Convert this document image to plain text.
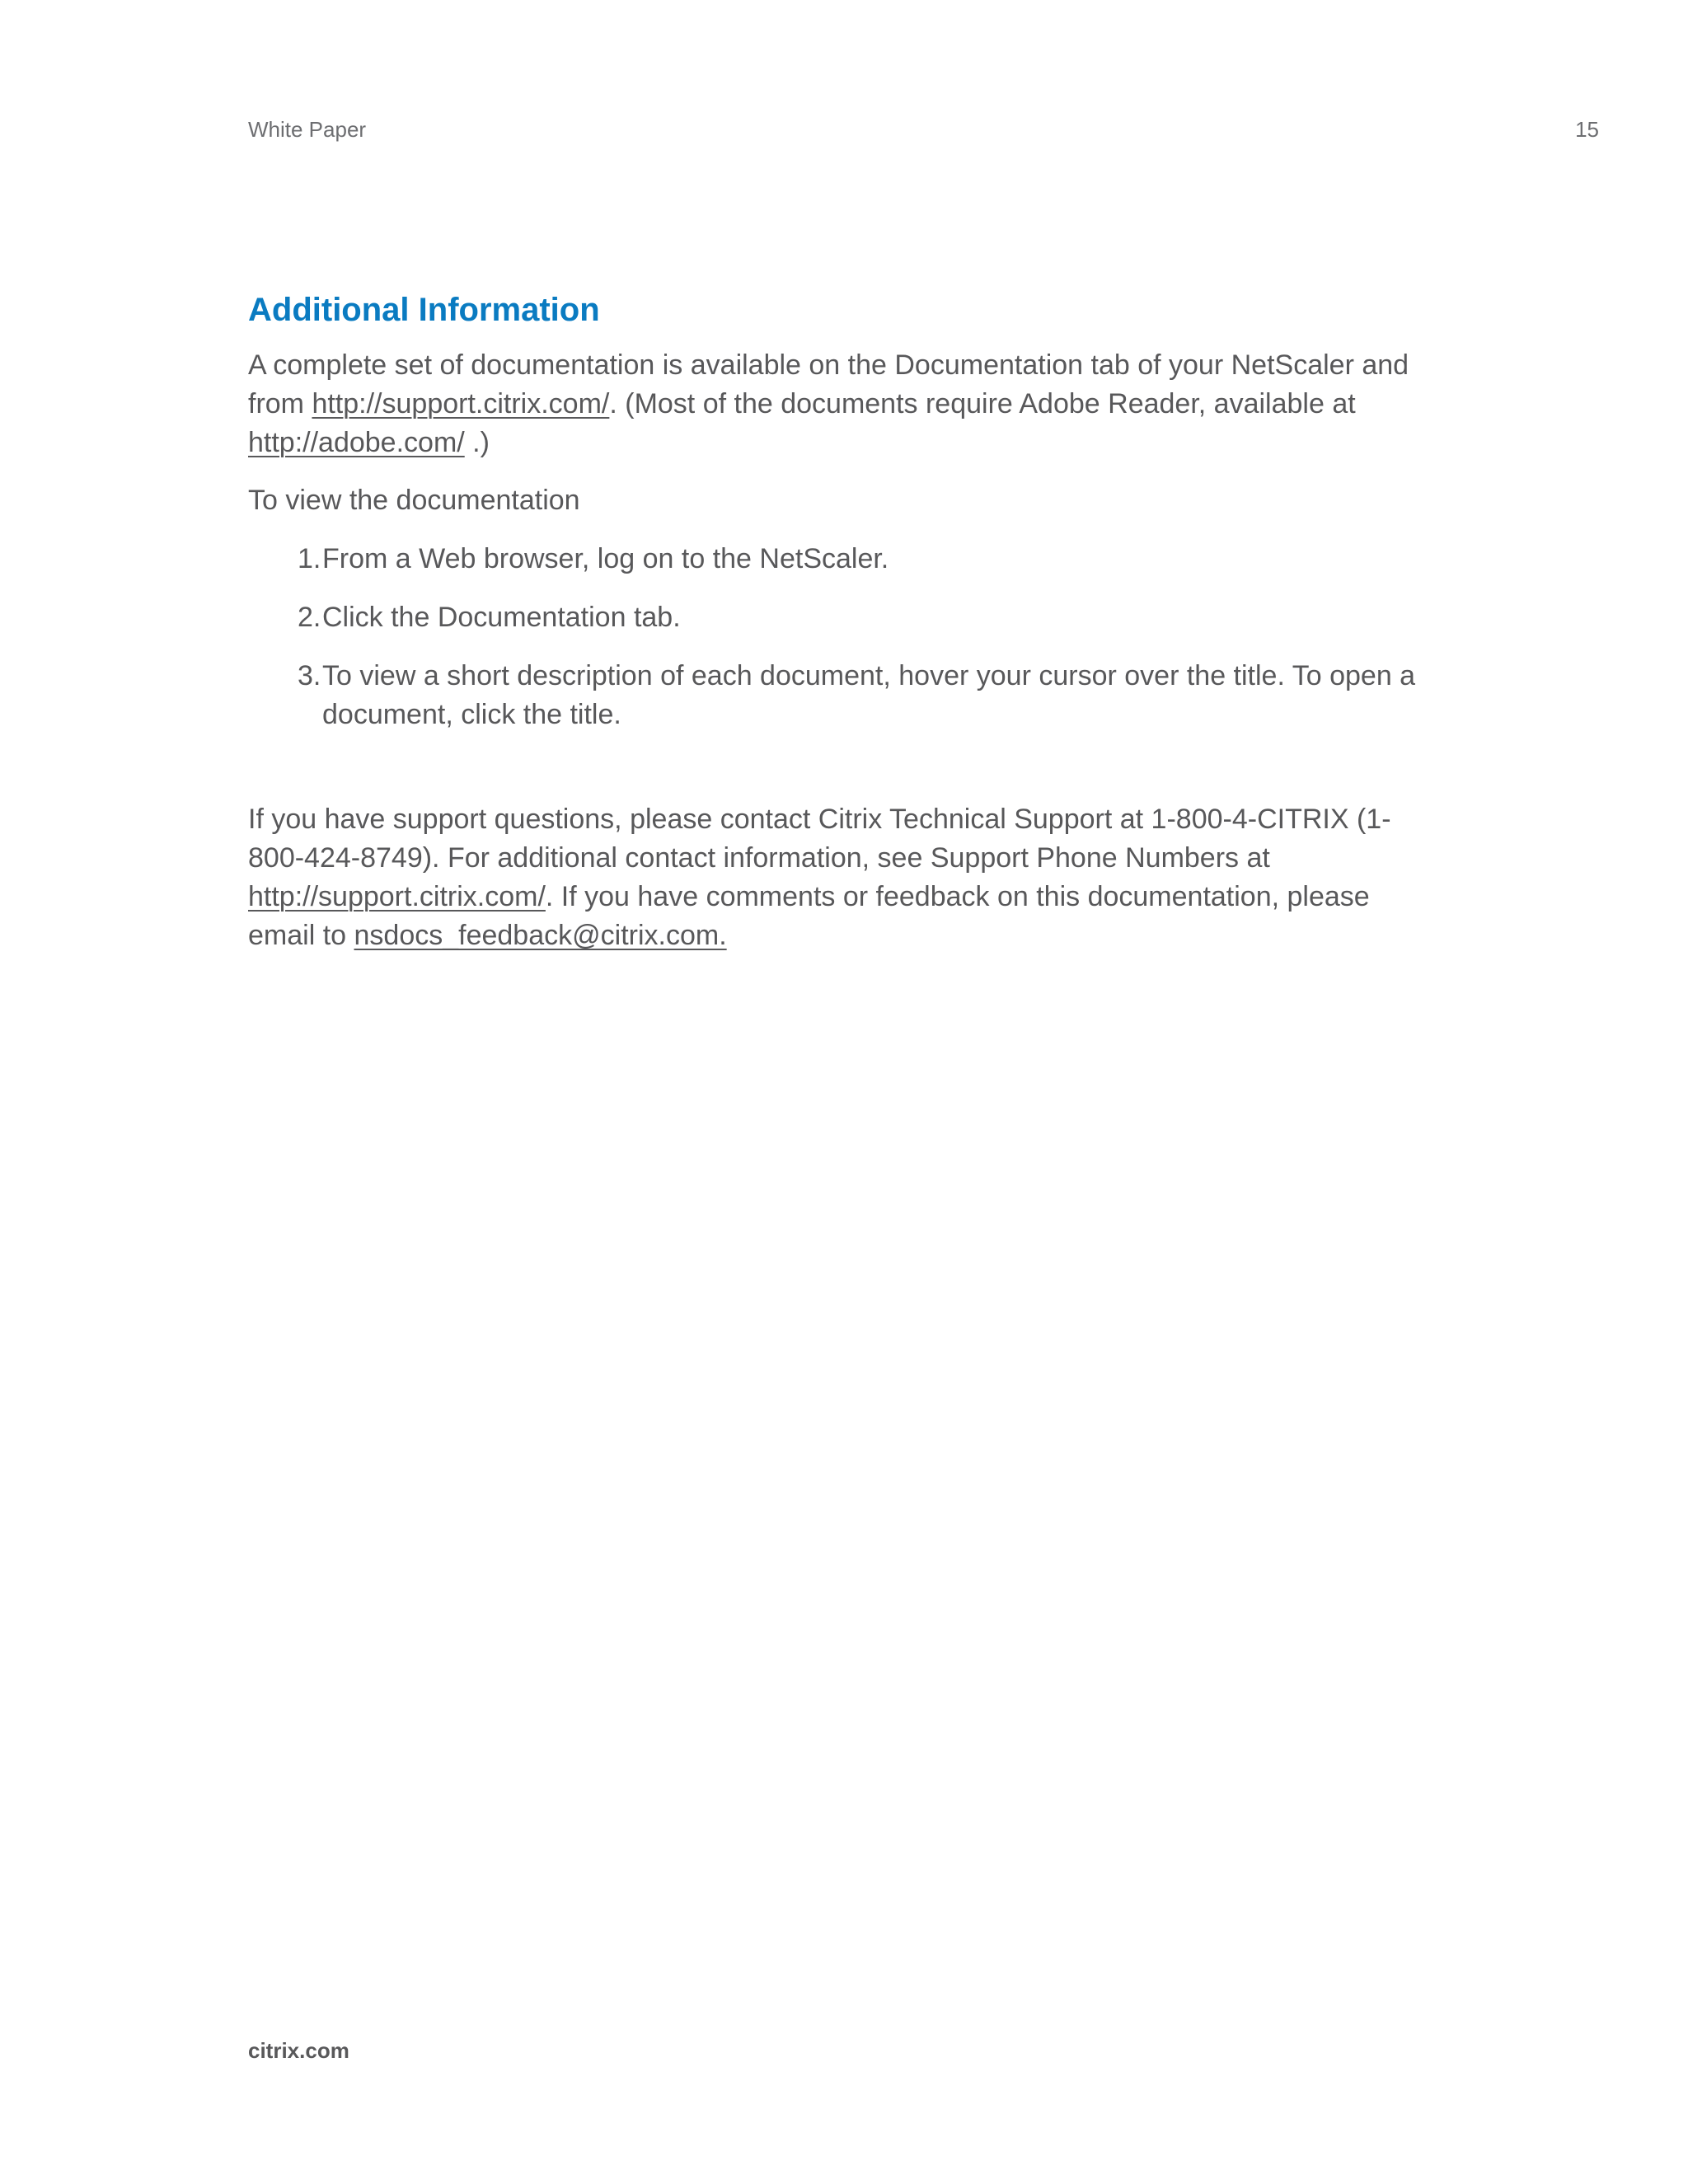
White Paper	15
Additional Information

A complete set of documentation is available on the Documentation tab of your NetScaler and from http://support.citrix.com/. (Most of the documents require Adobe Reader, available at http://adobe.com/ .)

To view the documentation

1. From a Web browser, log on to the NetScaler.
2. Click the Documentation tab.
3. To view a short description of each document, hover your cursor over the title. To open a document, click the title.

If you have support questions, please contact Citrix Technical Support at 1-800-4-CITRIX (1-800-424-8749). For additional contact information, see Support Phone Numbers at http://support.citrix.com/. If you have comments or feedback on this documentation, please email to nsdocs_feedback@citrix.com.

citrix.com
